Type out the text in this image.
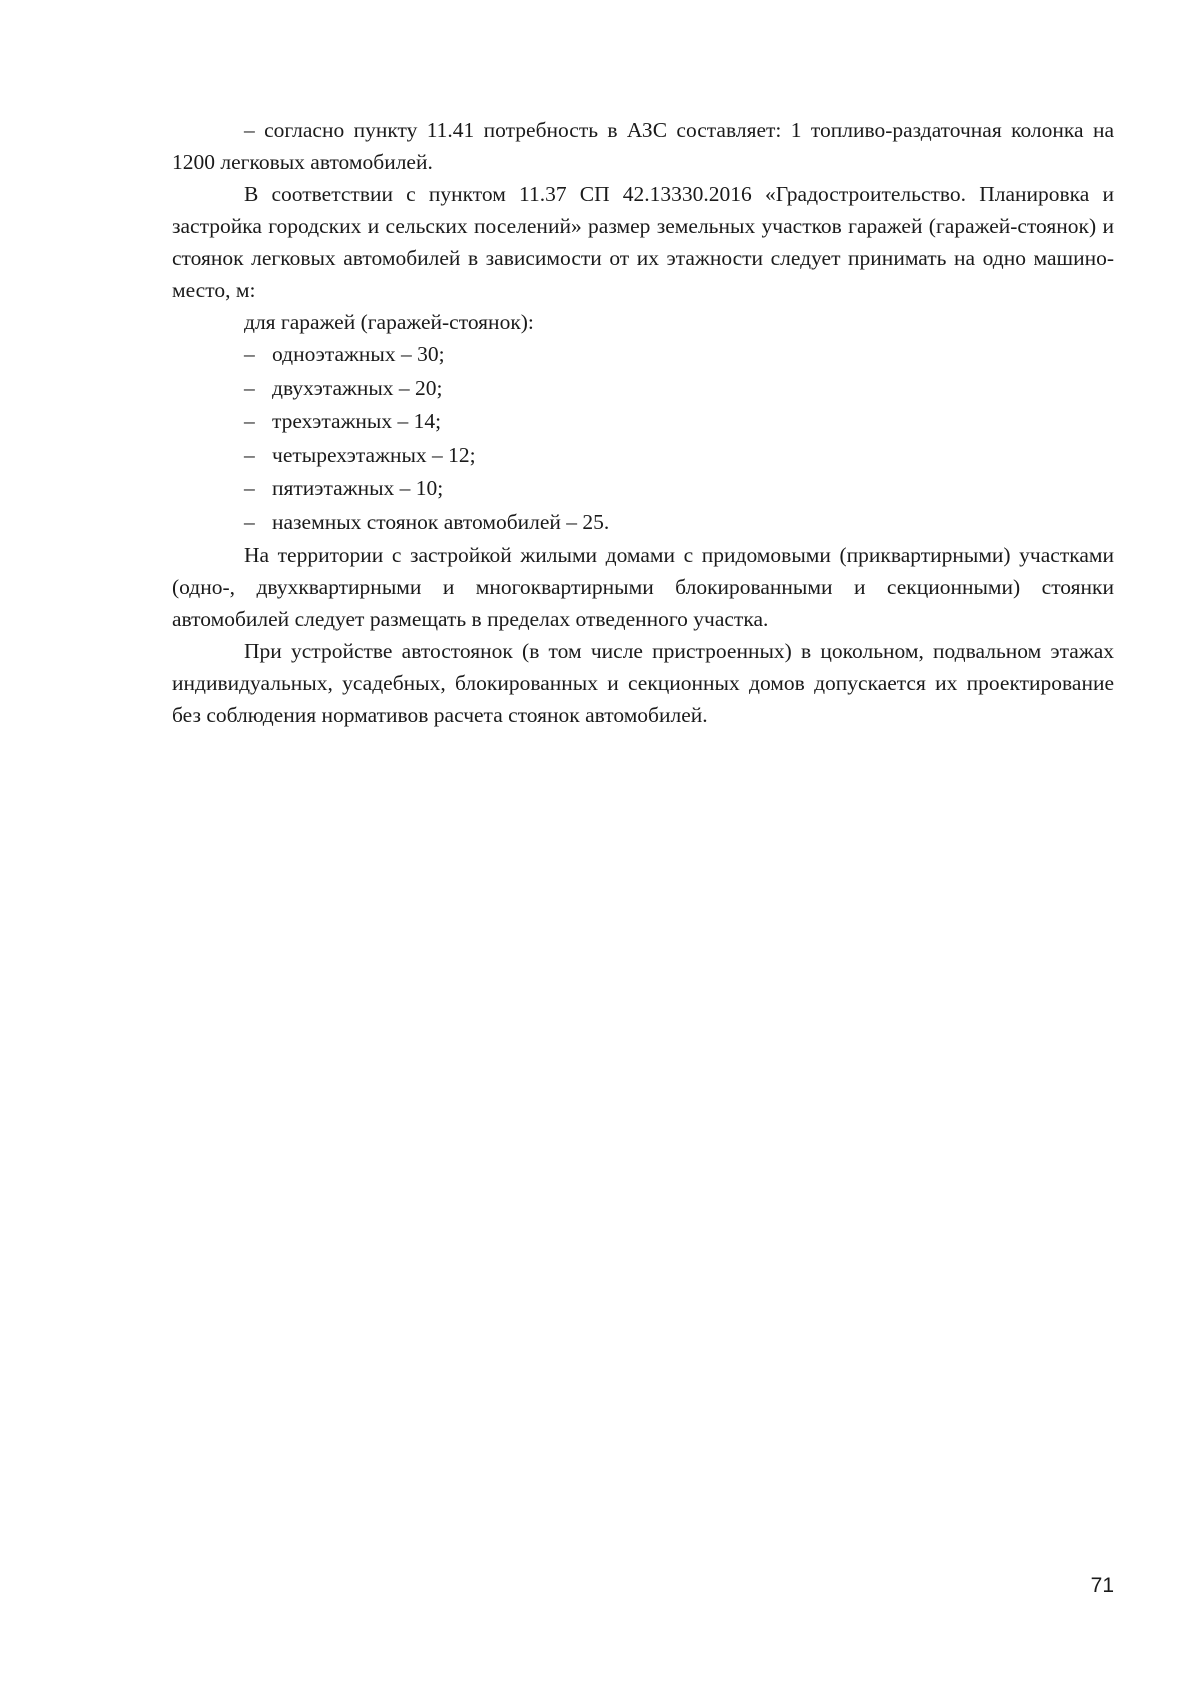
– согласно пункту 11.41 потребность в АЗС составляет: 1 топливо-раздаточная колонка на 1200 легковых автомобилей.

В соответствии с пунктом 11.37 СП 42.13330.2016 «Градостроительство. Планировка и застройка городских и сельских поселений» размер земельных участков гаражей (гаражей-стоянок) и стоянок легковых автомобилей в зависимости от их этажности следует принимать на одно машино-место, м:

для гаражей (гаражей-стоянок):

– одноэтажных – 30;

– двухэтажных – 20;

– трехэтажных – 14;

– четырехэтажных – 12;

– пятиэтажных – 10;

– наземных стоянок автомобилей – 25.

На территории с застройкой жилыми домами с придомовыми (приквартирными) участками (одно-, двухквартирными и многоквартирными блокированными и секционными) стоянки автомобилей следует размещать в пределах отведенного участка.

При устройстве автостоянок (в том числе пристроенных) в цокольном, подвальном этажах индивидуальных, усадебных, блокированных и секционных домов допускается их проектирование без соблюдения нормативов расчета стоянок автомобилей.

71
